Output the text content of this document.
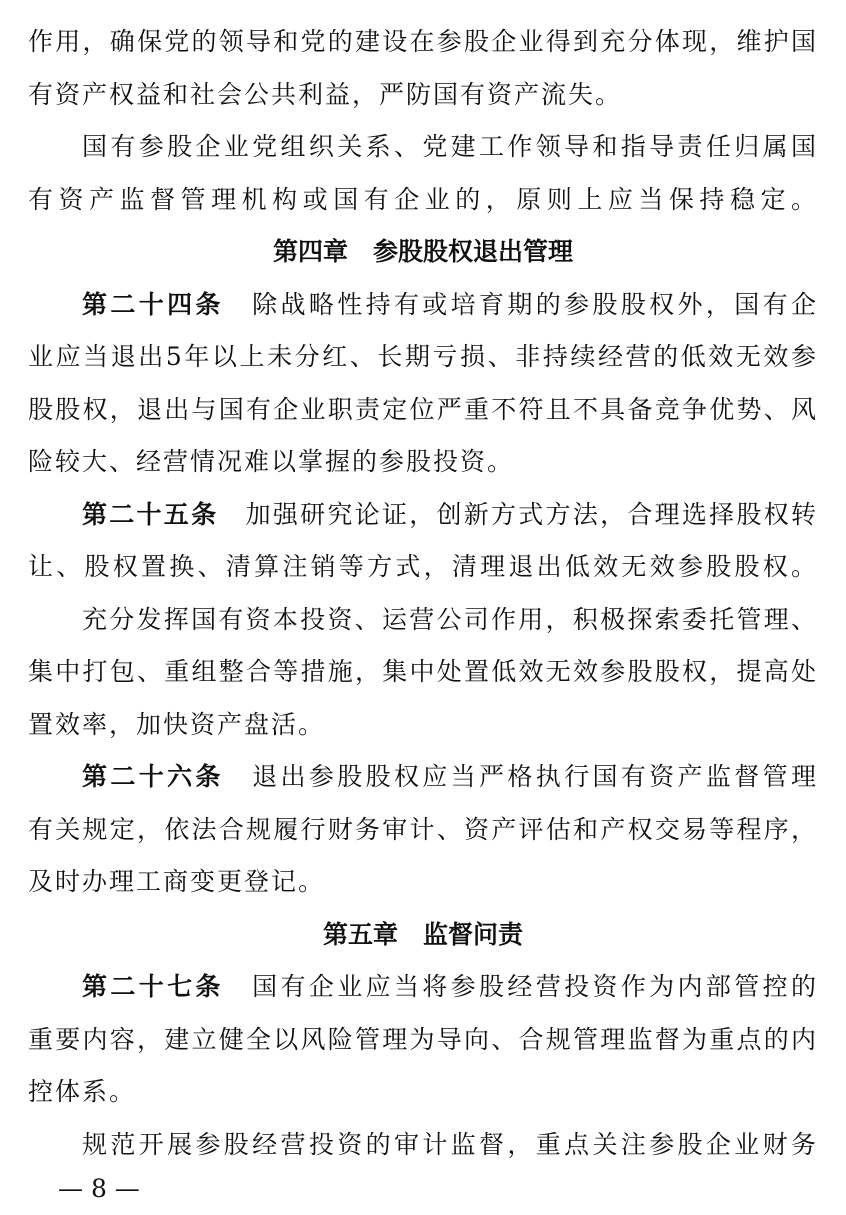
作用，确保党的领导和党的建设在参股企业得到充分体现，维护国
有资产权益和社会公共利益，严防国有资产流失。
国有参股企业党组织关系、党建工作领导和指导责任归属国
有资产监督管理机构或国有企业的，原则上应当保持稳定。
第四章　参股股权退出管理
第二十四条　除战略性持有或培育期的参股股权外，国有企
业应当退出5年以上未分红、长期亏损、非持续经营的低效无效参
股股权，退出与国有企业职责定位严重不符且不具备竞争优势、风
险较大、经营情况难以掌握的参股投资。
第二十五条　加强研究论证，创新方式方法，合理选择股权转
让、股权置换、清算注销等方式，清理退出低效无效参股股权。
充分发挥国有资本投资、运营公司作用，积极探索委托管理、
集中打包、重组整合等措施，集中处置低效无效参股股权，提高处
置效率，加快资产盘活。
第二十六条　退出参股股权应当严格执行国有资产监督管理
有关规定，依法合规履行财务审计、资产评估和产权交易等程序，
及时办理工商变更登记。
第五章　监督问责
第二十七条　国有企业应当将参股经营投资作为内部管控的
重要内容，建立健全以风险管理为导向、合规管理监督为重点的内
控体系。
规范开展参股经营投资的审计监督，重点关注参股企业财务
— 8 —
